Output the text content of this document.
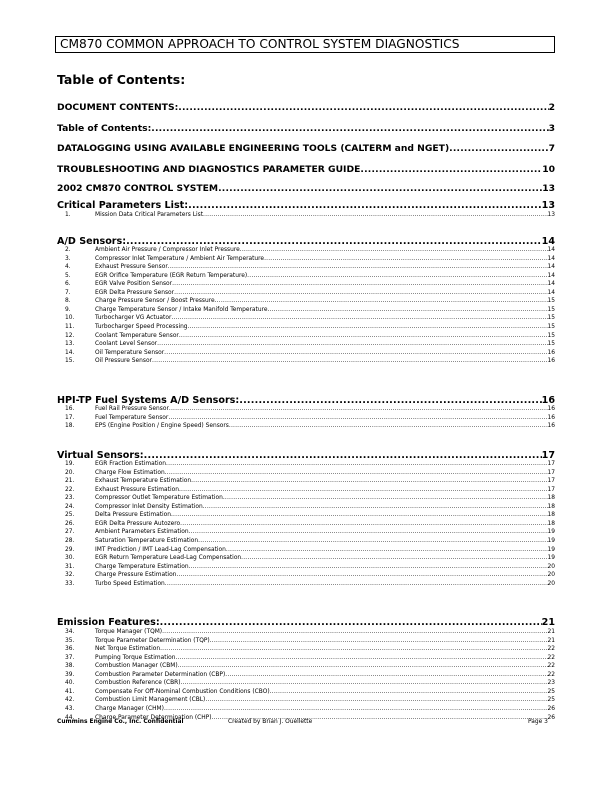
CM870 COMMON APPROACH TO CONTROL SYSTEM DIAGNOSTICS
Table of Contents:
DOCUMENT CONTENTS: .....	2
Table of Contents: .....	3
DATALOGGING USING AVAILABLE ENGINEERING TOOLS (CALTERM and NGET) .....	7
TROUBLESHOOTING AND DIAGNOSTICS PARAMETER GUIDE .....	10
2002 CM870 CONTROL SYSTEM .....	13
Critical Parameters List: .....	13
1.	Mission Data Critical Parameters List .....	13
A/D Sensors: .....	14
2.	Ambient Air Pressure / Compressor Inlet Pressure .....	14
3.	Compressor Inlet Temperature / Ambient Air Temperature .....	14
4.	Exhaust Pressure Sensor .....	14
5.	EGR Orifice Temperature (EGR Return Temperature) .....	14
6.	EGR Valve Position Sensor .....	14
7.	EGR Delta Pressure Sensor .....	14
8.	Charge Pressure Sensor / Boost Pressure .....	15
9.	Charge Temperature Sensor / Intake Manifold Temperature .....	15
10.	Turbocharger VG Actuator .....	15
11.	Turbocharger Speed Processing .....	15
12.	Coolant Temperature Sensor .....	15
13.	Coolant Level Sensor .....	15
14.	Oil Temperature Sensor .....	16
15.	Oil Pressure Sensor .....	16
HPI-TP Fuel Systems A/D Sensors: .....	16
16.	Fuel Rail Pressure Sensor .....	16
17.	Fuel Temperature Sensor .....	16
18.	EPS (Engine Position / Engine Speed) Sensors .....	16
Virtual Sensors: .....	17
19.	EGR Fraction Estimation .....	17
20.	Charge Flow Estimation .....	17
21.	Exhaust Temperature Estimation .....	17
22.	Exhaust Pressure Estimation .....	17
23.	Compressor Outlet Temperature Estimation .....	18
24.	Compressor Inlet Density Estimation .....	18
25.	Delta Pressure Estimation .....	18
26.	EGR Delta Pressure Autozero .....	18
27.	Ambient Parameters Estimation .....	19
28.	Saturation Temperature Estimation .....	19
29.	IMT Prediction / IMT Lead-Lag Compensation .....	19
30.	EGR Return Temperature Lead-Lag Compensation .....	19
31.	Charge Temperature Estimation .....	20
32.	Charge Pressure Estimation .....	20
33.	Turbo Speed Estimation .....	20
Emission Features: .....	21
34.	Torque Manager (TQM) .....	21
35.	Torque Parameter Determination (TQP) .....	21
36.	Net Torque Estimation .....	22
37.	Pumping Torque Estimation .....	22
38.	Combustion Manager (CBM) .....	22
39.	Combustion Parameter Determination (CBP) .....	22
40.	Combustion Reference (CBR) .....	23
41.	Compensate For Off-Nominal Combustion Conditions (CBO) .....	25
42.	Combustion Limit Management (CBL) .....	25
43.	Charge Manager (CHM) .....	26
44.	Charge Parameter Determination (CHP) .....	26
Cummins Engine Co., Inc. Confidential	Created by Brian J. Ouellette	Page 3
